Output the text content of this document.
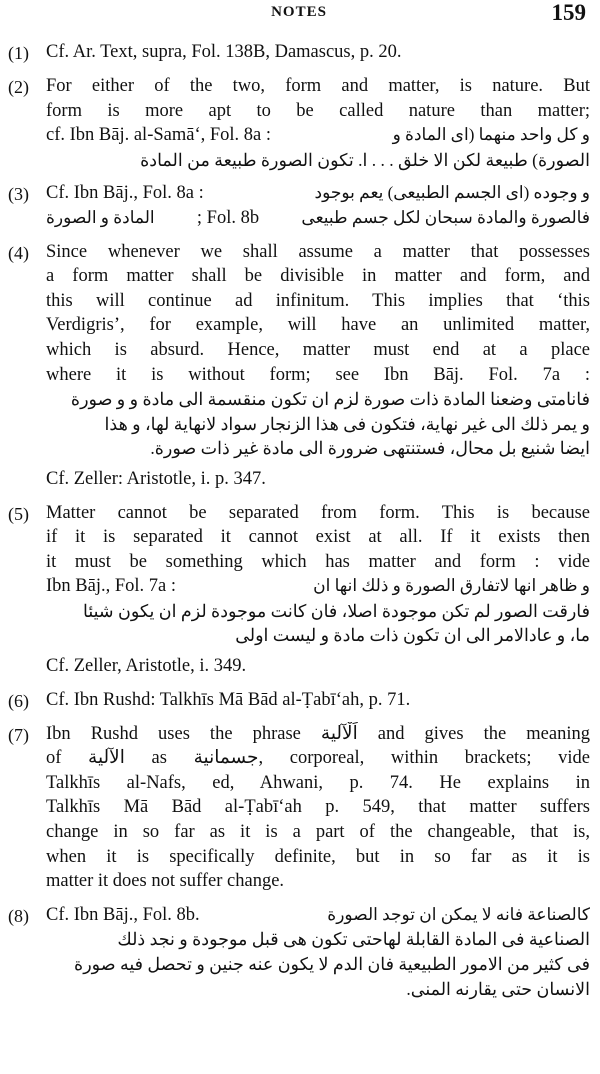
NOTES	159
(1) Cf. Ar. Text, supra, Fol. 138B, Damascus, p. 20.
(2) For either of the two, form and matter, is nature. But
form is more apt to be called nature than matter;
cf. Ibn Bāj. al-Samā‘, Fol. 8a :	و كل واحد منهما (اى المادة و
الصورة) طبيعة لكن الا خلق . . . ا. تكون الصورة طبيعة من المادة
(3) Cf. Ibn Bāj., Fol. 8a :	و وجوده (اى الجسم الطبيعى) يعم بوجود
المادة و الصورة ; Fol. 8b فالصورة والمادة سبحان لكل جسم طبيعى
(4) Since whenever we shall assume a matter that possesses
a form matter shall be divisible in matter and form, and
this will continue ad infinitum. This implies that ‘this
Verdigris’, for example, will have an unlimited matter,
which is absurd. Hence, matter must end at a place
where it is without form; see Ibn Bāj. Fol. 7a :
فانامتى وضعنا المادة ذات صورة لزم ان تكون منقسمة الى مادة و و صورة
و يمر ذلك الى غير نهاية، فتكون فى هذا الزنجار سواد لانهاية لها، و هذا
ايضا شنيع بل محال، فستنتهى ضرورة الى مادة غير ذات صورة.
Cf. Zeller: Aristotle, i. p. 347.
(5) Matter cannot be separated from form. This is because
if it is separated it cannot exist at all. If it exists then
it must be something which has matter and form : vide
Ibn Bāj., Fol. 7a :	و ظاهر انها لاتفارق الصورة و ذلك انها ان
فارقت الصور لم تكن موجودة اصلا، فان كانت موجودة لزم ان يكون شيئا
ما، و عادالامر الى ان تكون ذات مادة و ليست اولى
Cf. Zeller, Aristotle, i. 349.
(6) Cf. Ibn Rushd: Talkhīs Mā Bād al-Ṭabī‘ah, p. 71.
(7) Ibn Rushd uses the phrase اَلْآلية and gives the meaning
of الآلية as جسمانية, corporeal, within brackets; vide
Talkhīs al-Nafs, ed, Ahwani, p. 74. He explains in
Talkhīs Mā Bād al-Ṭabī‘ah p. 549, that matter suffers
change in so far as it is a part of the changeable, that is,
when it is specifically definite, but in so far as it is
matter it does not suffer change.
(8) Cf. Ibn Bāj., Fol. 8b.	كالصناعة فانه لا يمكن ان توجد الصورة
الصناعية فى المادة القابلة لهاحتى تكون هى قبل موجودة و نجد ذلك
فى كثير من الامور الطبيعية فان الدم لا يكون عنه جنين و تحصل فيه صورة
الانسان حتى يقارنه المنى.
